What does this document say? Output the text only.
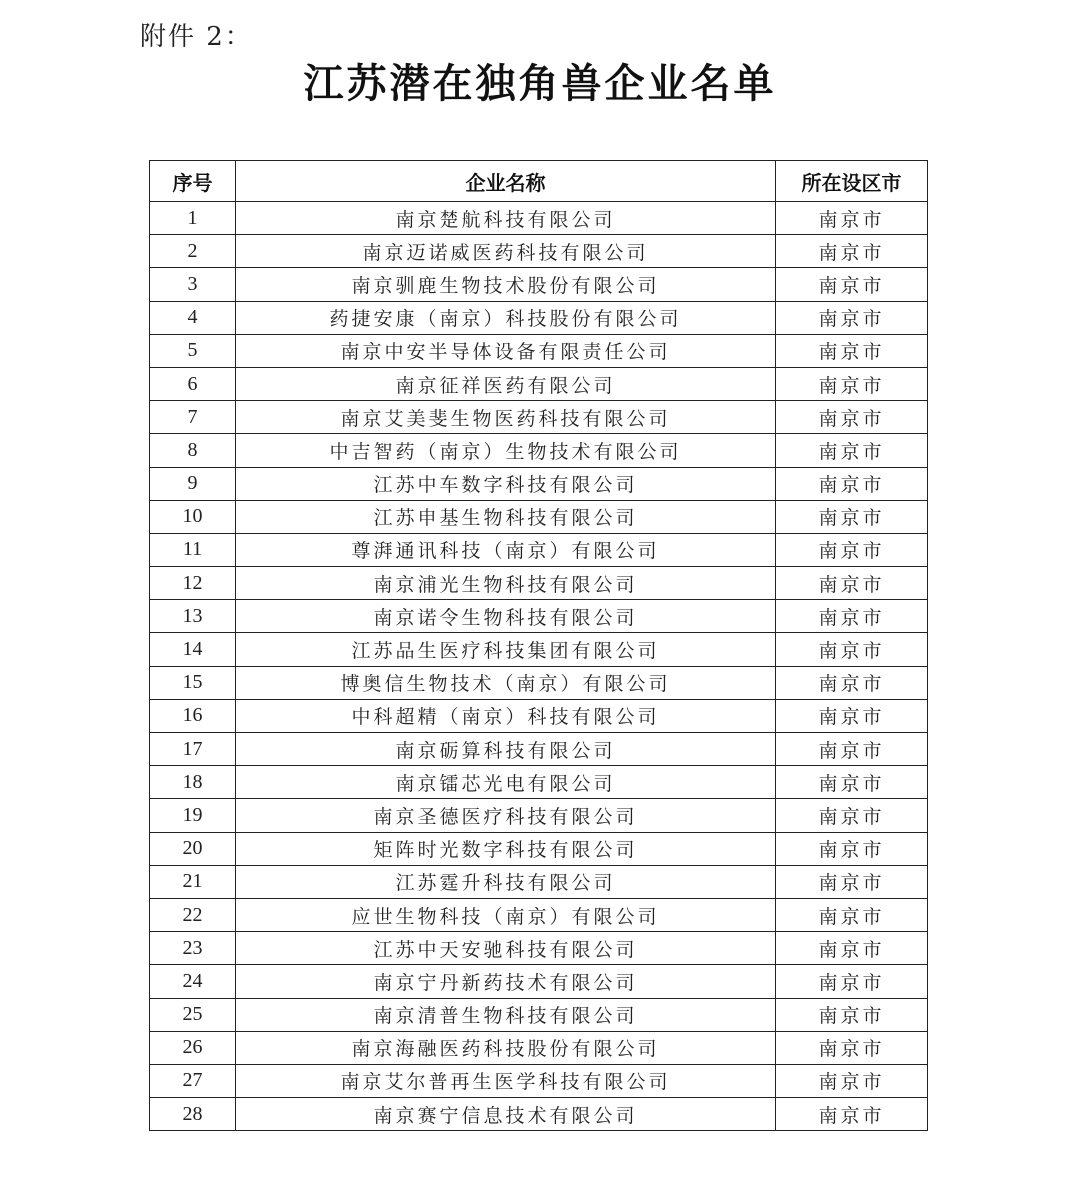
附件 2：
江苏潜在独角兽企业名单
序号	企业名称	所在设区市
1	南京楚航科技有限公司	南京市
2	南京迈诺威医药科技有限公司	南京市
3	南京驯鹿生物技术股份有限公司	南京市
4	药捷安康（南京）科技股份有限公司	南京市
5	南京中安半导体设备有限责任公司	南京市
6	南京征祥医药有限公司	南京市
7	南京艾美斐生物医药科技有限公司	南京市
8	中吉智药（南京）生物技术有限公司	南京市
9	江苏中车数字科技有限公司	南京市
10	江苏申基生物科技有限公司	南京市
11	尊湃通讯科技（南京）有限公司	南京市
12	南京浦光生物科技有限公司	南京市
13	南京诺令生物科技有限公司	南京市
14	江苏品生医疗科技集团有限公司	南京市
15	博奥信生物技术（南京）有限公司	南京市
16	中科超精（南京）科技有限公司	南京市
17	南京砺算科技有限公司	南京市
18	南京镭芯光电有限公司	南京市
19	南京圣德医疗科技有限公司	南京市
20	矩阵时光数字科技有限公司	南京市
21	江苏霆升科技有限公司	南京市
22	应世生物科技（南京）有限公司	南京市
23	江苏中天安驰科技有限公司	南京市
24	南京宁丹新药技术有限公司	南京市
25	南京清普生物科技有限公司	南京市
26	南京海融医药科技股份有限公司	南京市
27	南京艾尔普再生医学科技有限公司	南京市
28	南京赛宁信息技术有限公司	南京市
